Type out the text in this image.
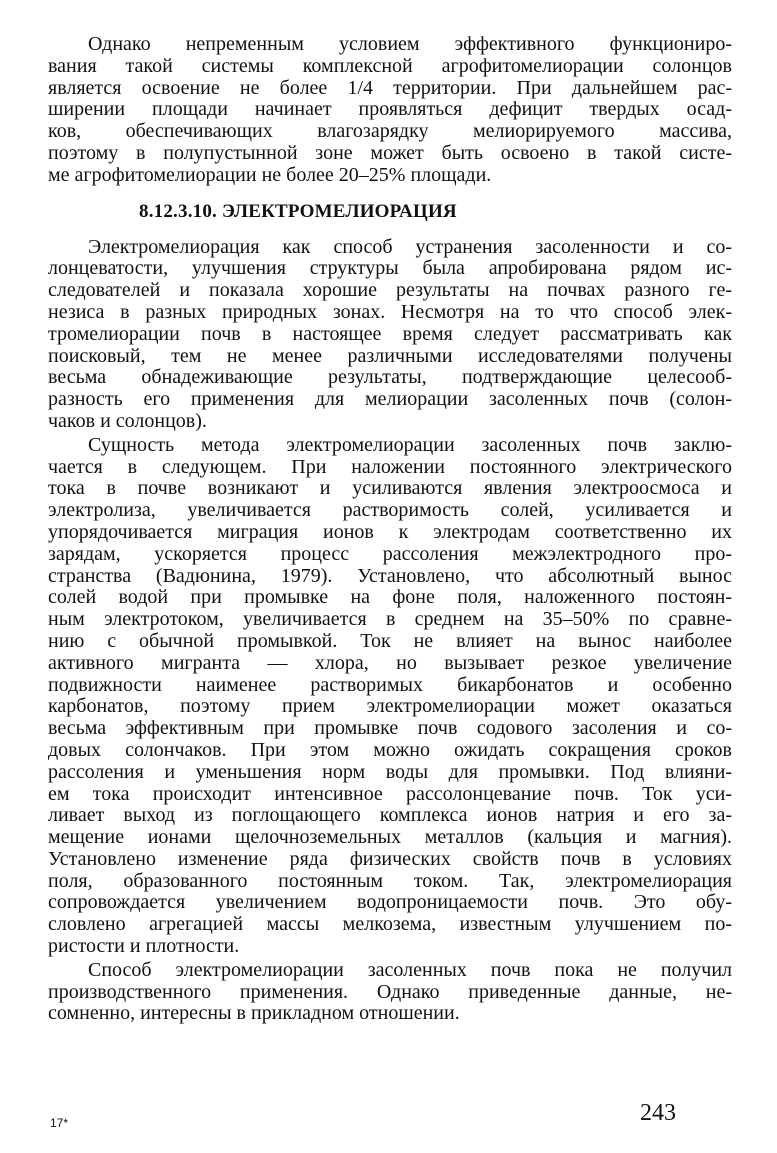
Однако непременным условием эффективного функциониро-
вания такой системы комплексной агрофитомелиорации солонцов
является освоение не более 1/4 территории. При дальнейшем рас-
ширении площади начинает проявляться дефицит твердых осад-
ков, обеспечивающих влагозарядку мелиорируемого массива,
поэтому в полупустынной зоне может быть освоено в такой систе-
ме агрофитомелиорации не более 20–25% площади.
8.12.3.10. ЭЛЕКТРОМЕЛИОРАЦИЯ
Электромелиорация как способ устранения засоленности и со-
лонцеватости, улучшения структуры была апробирована рядом ис-
следователей и показала хорошие результаты на почвах разного ге-
незиса в разных природных зонах. Несмотря на то что способ элек-
тромелиорации почв в настоящее время следует рассматривать как
поисковый, тем не менее различными исследователями получены
весьма обнадеживающие результаты, подтверждающие целесооб-
разность его применения для мелиорации засоленных почв (солон-
чаков и солонцов).
Сущность метода электромелиорации засоленных почв заклю-
чается в следующем. При наложении постоянного электрического
тока в почве возникают и усиливаются явления электроосмоса и
электролиза, увеличивается растворимость солей, усиливается и
упорядочивается миграция ионов к электродам соответственно их
зарядам, ускоряется процесс рассоления межэлектродного про-
странства (Вадюнина, 1979). Установлено, что абсолютный вынос
солей водой при промывке на фоне поля, наложенного постоян-
ным электротоком, увеличивается в среднем на 35–50% по сравне-
нию с обычной промывкой. Ток не влияет на вынос наиболее
активного мигранта — хлора, но вызывает резкое увеличение
подвижности наименее растворимых бикарбонатов и особенно
карбонатов, поэтому прием электромелиорации может оказаться
весьма эффективным при промывке почв содового засоления и со-
довых солончаков. При этом можно ожидать сокращения сроков
рассоления и уменьшения норм воды для промывки. Под влияни-
ем тока происходит интенсивное рассолонцевание почв. Ток уси-
ливает выход из поглощающего комплекса ионов натрия и его за-
мещение ионами щелочноземельных металлов (кальция и магния).
Установлено изменение ряда физических свойств почв в условиях
поля, образованного постоянным током. Так, электромелиорация
сопровождается увеличением водопроницаемости почв. Это обу-
словлено агрегацией массы мелкозема, известным улучшением по-
ристости и плотности.
Способ электромелиорации засоленных почв пока не получил
производственного применения. Однако приведенные данные, не-
сомненно, интересны в прикладном отношении.
17*	243
